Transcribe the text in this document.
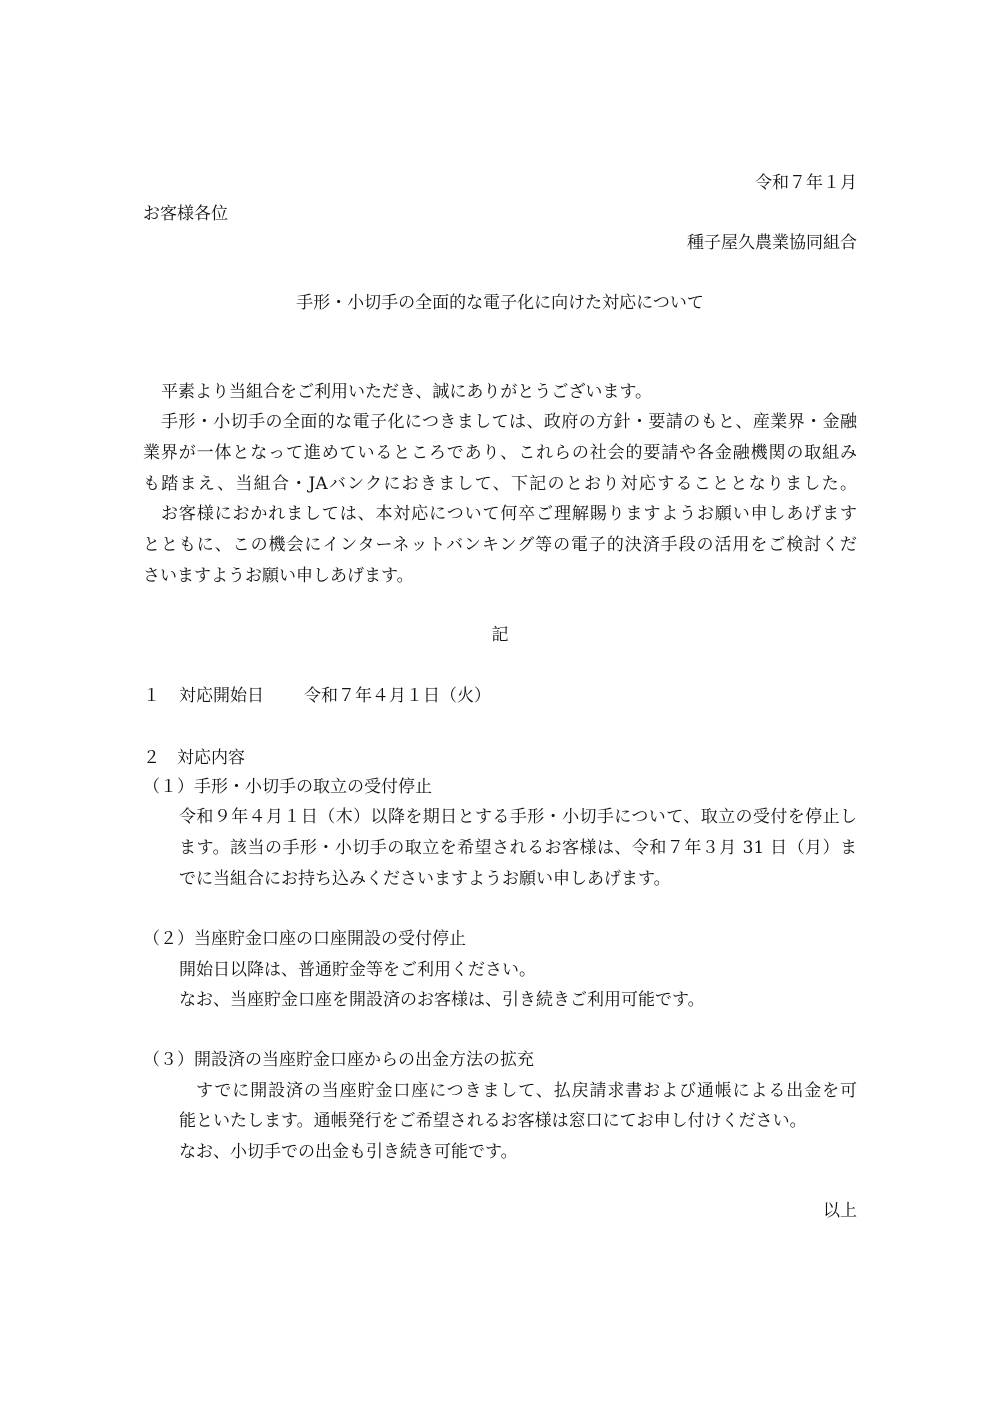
令和７年１月
お客様各位
種子屋久農業協同組合
手形・小切手の全面的な電子化に向けた対応について
平素より当組合をご利用いただき、誠にありがとうございます。
手形・小切手の全面的な電子化につきましては、政府の方針・要請のもと、産業界・金融
業界が一体となって進めているところであり、これらの社会的要請や各金融機関の取組み
も踏まえ、当組合・JAバンクにおきまして、下記のとおり対応することとなりました。
お客様におかれましては、本対応について何卒ご理解賜りますようお願い申しあげます
とともに、この機会にインターネットバンキング等の電子的決済手段の活用をご検討くだ
さいますようお願い申しあげます。
記
１ 対応開始日 令和７年４月１日（火）
２　対応内容
（１）手形・小切手の取立の受付停止
令和９年４月１日（木）以降を期日とする手形・小切手について、取立の受付を停止し
ます。該当の手形・小切手の取立を希望されるお客様は、令和７年３月 31 日（月）ま
でに当組合にお持ち込みくださいますようお願い申しあげます。
（２）当座貯金口座の口座開設の受付停止
開始日以降は、普通貯金等をご利用ください。
なお、当座貯金口座を開設済のお客様は、引き続きご利用可能です。
（３）開設済の当座貯金口座からの出金方法の拡充
すでに開設済の当座貯金口座につきまして、払戻請求書および通帳による出金を可
能といたします。通帳発行をご希望されるお客様は窓口にてお申し付けください。
なお、小切手での出金も引き続き可能です。
以上
